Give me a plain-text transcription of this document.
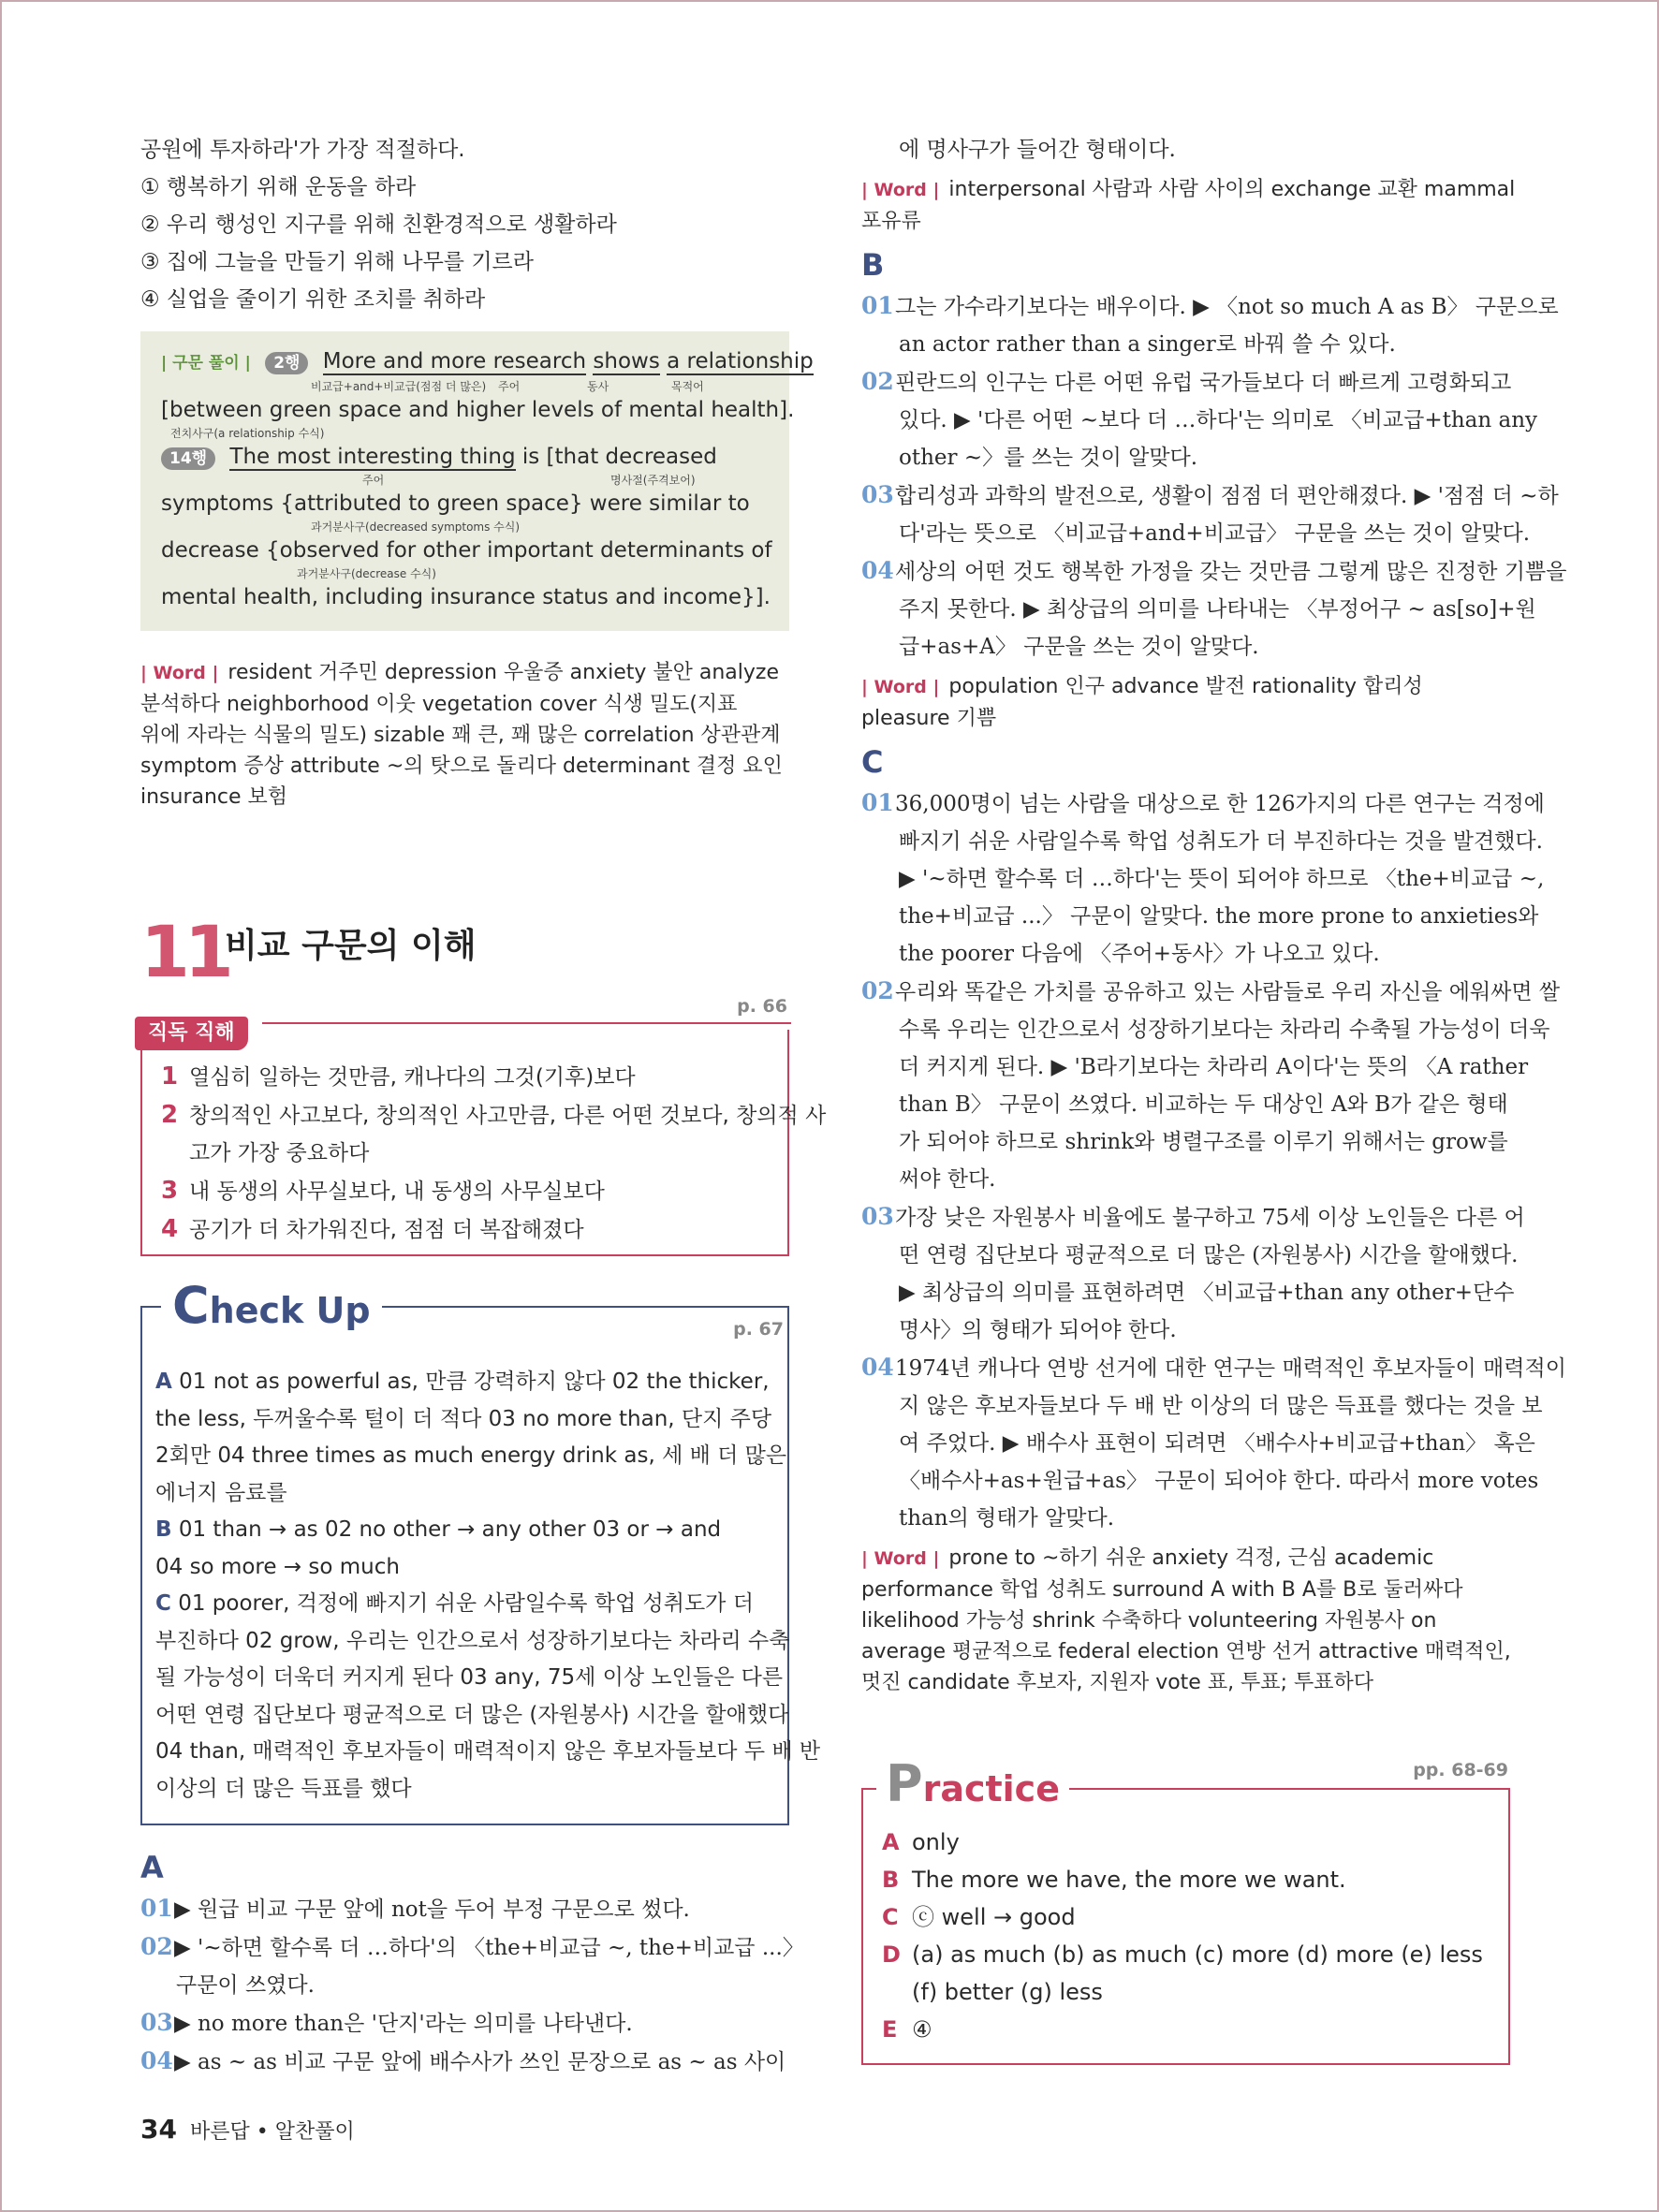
공원에 투자하라'가 가장 적절하다.
① 행복하기 위해 운동을 하라
② 우리 행성인 지구를 위해 친환경적으로 생활하라
③ 집에 그늘을 만들기 위해 나무를 기르라
④ 실업을 줄이기 위한 조치를 취하라
| 구문 풀이 | 2행 More and more research shows a relationship
비교급+and+비교급(점점 더 많은) 주어	동사	목적어
[between green space and higher levels of mental health].
전치사구(a relationship 수식)
14행 The most interesting thing is [that decreased
주어	명사절(주격보어)
symptoms {attributed to green space} were similar to
과거분사구(decreased symptoms 수식)
decrease {observed for other important determinants of
과거분사구(decrease 수식)
mental health, including insurance status and income}].
| Word | resident 거주민 depression 우울증 anxiety 불안 analyze
분석하다 neighborhood 이웃 vegetation cover 식생 밀도(지표
위에 자라는 식물의 밀도) sizable 꽤 큰, 꽤 많은 correlation 상관관계
symptom 증상 attribute ~의 탓으로 돌리다 determinant 결정 요인
insurance 보험
11
비교 구문의 이해
직독 직해
p. 66
1 열심히 일하는 것만큼, 캐나다의 그것(기후)보다
2 창의적인 사고보다, 창의적인 사고만큼, 다른 어떤 것보다, 창의적 사
고가 가장 중요하다
3 내 동생의 사무실보다, 내 동생의 사무실보다
4 공기가 더 차가워진다, 점점 더 복잡해졌다
Check Up	p. 67
A 01 not as powerful as, 만큼 강력하지 않다 02 the thicker,
the less, 두꺼울수록 털이 더 적다 03 no more than, 단지 주당
2회만 04 three times as much energy drink as, 세 배 더 많은
에너지 음료를
B 01 than → as 02 no other → any other 03 or → and
04 so more → so much
C 01 poorer, 걱정에 빠지기 쉬운 사람일수록 학업 성취도가 더
부진하다 02 grow, 우리는 인간으로서 성장하기보다는 차라리 수축
될 가능성이 더욱더 커지게 된다 03 any, 75세 이상 노인들은 다른
어떤 연령 집단보다 평균적으로 더 많은 (자원봉사) 시간을 할애했다
04 than, 매력적인 후보자들이 매력적이지 않은 후보자들보다 두 배 반
이상의 더 많은 득표를 했다
A
01▶ 원급 비교 구문 앞에 not을 두어 부정 구문으로 썼다.
02▶ '~하면 할수록 더 …하다'의 〈the+비교급 ~, the+비교급 ...〉
구문이 쓰였다.
03▶ no more than은 '단지'라는 의미를 나타낸다.
04▶ as ~ as 비교 구문 앞에 배수사가 쓰인 문장으로 as ~ as 사이
에 명사구가 들어간 형태이다.
| Word | interpersonal 사람과 사람 사이의 exchange 교환 mammal
포유류
B
01그는 가수라기보다는 배우이다. ▶ 〈not so much A as B〉 구문으로
an actor rather than a singer로 바꿔 쓸 수 있다.
02핀란드의 인구는 다른 어떤 유럽 국가들보다 더 빠르게 고령화되고
있다. ▶ '다른 어떤 ~보다 더 …하다'는 의미로 〈비교급+than any
other ~〉를 쓰는 것이 알맞다.
03합리성과 과학의 발전으로, 생활이 점점 더 편안해졌다. ▶ '점점 더 ~하
다'라는 뜻으로 〈비교급+and+비교급〉 구문을 쓰는 것이 알맞다.
04세상의 어떤 것도 행복한 가정을 갖는 것만큼 그렇게 많은 진정한 기쁨을
주지 못한다. ▶ 최상급의 의미를 나타내는 〈부정어구 ~ as[so]+원
급+as+A〉 구문을 쓰는 것이 알맞다.
| Word | population 인구 advance 발전 rationality 합리성
pleasure 기쁨
C
0136,000명이 넘는 사람을 대상으로 한 126가지의 다른 연구는 걱정에
빠지기 쉬운 사람일수록 학업 성취도가 더 부진하다는 것을 발견했다.
▶ '~하면 할수록 더 …하다'는 뜻이 되어야 하므로 〈the+비교급 ~,
the+비교급 ...〉 구문이 알맞다. the more prone to anxieties와
the poorer 다음에 〈주어+동사〉가 나오고 있다.
02우리와 똑같은 가치를 공유하고 있는 사람들로 우리 자신을 에워싸면 쌀
수록 우리는 인간으로서 성장하기보다는 차라리 수축될 가능성이 더욱
더 커지게 된다. ▶ 'B라기보다는 차라리 A이다'는 뜻의 〈A rather
than B〉 구문이 쓰였다. 비교하는 두 대상인 A와 B가 같은 형태
가 되어야 하므로 shrink와 병렬구조를 이루기 위해서는 grow를
써야 한다.
03가장 낮은 자원봉사 비율에도 불구하고 75세 이상 노인들은 다른 어
떤 연령 집단보다 평균적으로 더 많은 (자원봉사) 시간을 할애했다.
▶ 최상급의 의미를 표현하려면 〈비교급+than any other+단수
명사〉의 형태가 되어야 한다.
041974년 캐나다 연방 선거에 대한 연구는 매력적인 후보자들이 매력적이
지 않은 후보자들보다 두 배 반 이상의 더 많은 득표를 했다는 것을 보
여 주었다. ▶ 배수사 표현이 되려면 〈배수사+비교급+than〉 혹은
〈배수사+as+원급+as〉 구문이 되어야 한다. 따라서 more votes
than의 형태가 알맞다.
| Word | prone to ~하기 쉬운 anxiety 걱정, 근심 academic
performance 학업 성취도 surround A with B A를 B로 둘러싸다
likelihood 가능성 shrink 수축하다 volunteering 자원봉사 on
average 평균적으로 federal election 연방 선거 attractive 매력적인,
멋진 candidate 후보자, 지원자 vote 표, 투표; 투표하다
Practice	pp. 68-69
A only
B The more we have, the more we want.
C ⓒ well → good
D (a) as much (b) as much (c) more (d) more (e) less
(f) better (g) less
E ④
34 바른답 • 알찬풀이
